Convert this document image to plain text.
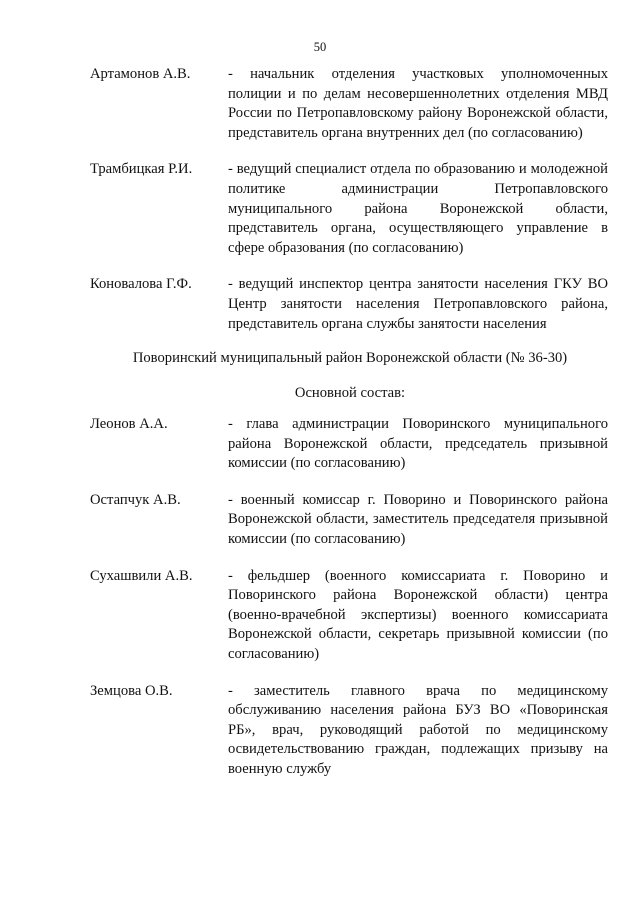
50
Артамонов А.В.	- начальник отделения участковых уполномоченных полиции и по делам несовершеннолетних отделения МВД России по Петропавловскому району Воронежской области, представитель органа внутренних дел (по согласованию)
Трамбицкая Р.И.	- ведущий специалист отдела по образованию и молодежной политике администрации Петропавловского муниципального района Воронежской области, представитель органа, осуществляющего управление в сфере образования (по согласованию)
Коновалова Г.Ф.	- ведущий инспектор центра занятости населения ГКУ ВО Центр занятости населения Петропавловского района, представитель органа службы занятости населения
Поворинский муниципальный район Воронежской области (№ 36-30)
Основной состав:
Леонов А.А.	- глава администрации Поворинского муниципального района Воронежской области, председатель призывной комиссии (по согласованию)
Остапчук А.В.	- военный комиссар г. Поворино и Поворинского района Воронежской области, заместитель председателя призывной комиссии (по согласованию)
Сухашвили А.В.	- фельдшер (военного комиссариата г. Поворино и Поворинского района Воронежской области) центра (военно-врачебной экспертизы) военного комиссариата Воронежской области, секретарь призывной комиссии (по согласованию)
Земцова О.В.	- заместитель главного врача по медицинскому обслуживанию населения района БУЗ ВО «Поворинская РБ», врач, руководящий работой по медицинскому освидетельствованию граждан, подлежащих призыву на военную службу
